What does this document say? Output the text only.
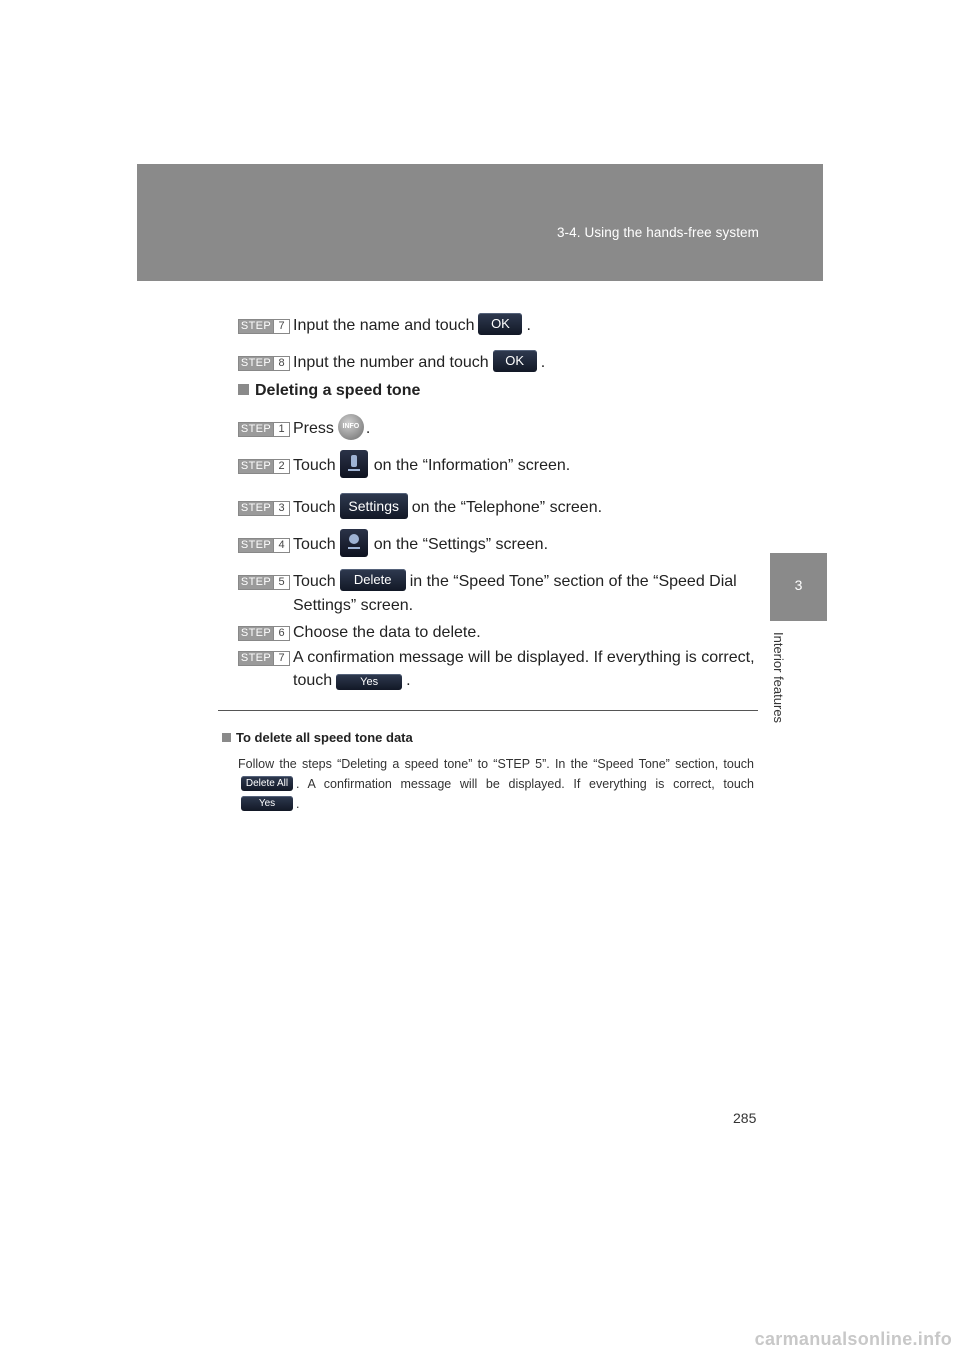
3-4. Using the hands-free system
3
Interior features
STEP 7 Input the name and touch OK .
STEP 8 Input the number and touch OK .
Deleting a speed tone
STEP 1 Press INFO .
STEP 2 Touch on the “Information” screen.
STEP 3 Touch Settings on the “Telephone” screen.
STEP 4 Touch on the “Settings” screen.
STEP 5 Touch Delete in the “Speed Tone” section of the “Speed Dial Settings” screen.
STEP 6 Choose the data to delete.
STEP 7 A confirmation message will be displayed. If everything is correct, touch	Yes .
To delete all speed tone data
Follow the steps “Deleting a speed tone” to “STEP 5”. In the “Speed Tone” section, touchDelete All . A confirmation message will be displayed. If everything is correct, touchYes .
285
carmanualsonline.info
